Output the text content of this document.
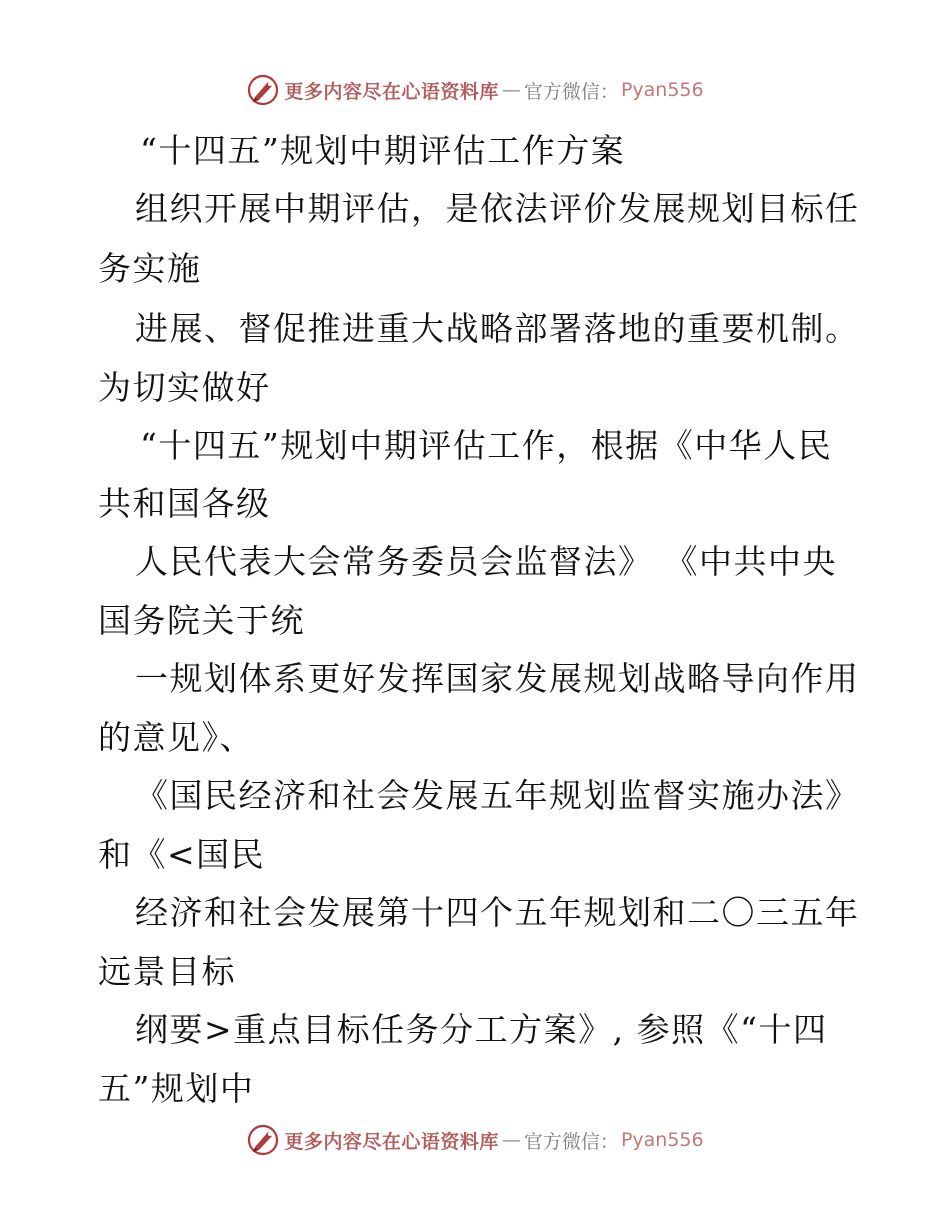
更多内容尽在心语资料库 — 官方微信： Pyan556
“十四五”规划中期评估工作方案
组织开展中期评估，是依法评价发展规划目标任
务实施
进展、督促推进重大战略部署落地的重要机制。
为切实做好
“十四五”规划中期评估工作，根据《中华人民
共和国各级
人民代表大会常务委员会监督法》 《中共中央
国务院关于统
一规划体系更好发挥国家发展规划战略导向作用
的意见》、
《国民经济和社会发展五年规划监督实施办法》
和《<国民
经济和社会发展第十四个五年规划和二〇三五年
远景目标
纲要>重点目标任务分工方案》, 参照《“十四
五”规划中
更多内容尽在心语资料库 — 官方微信： Pyan556
